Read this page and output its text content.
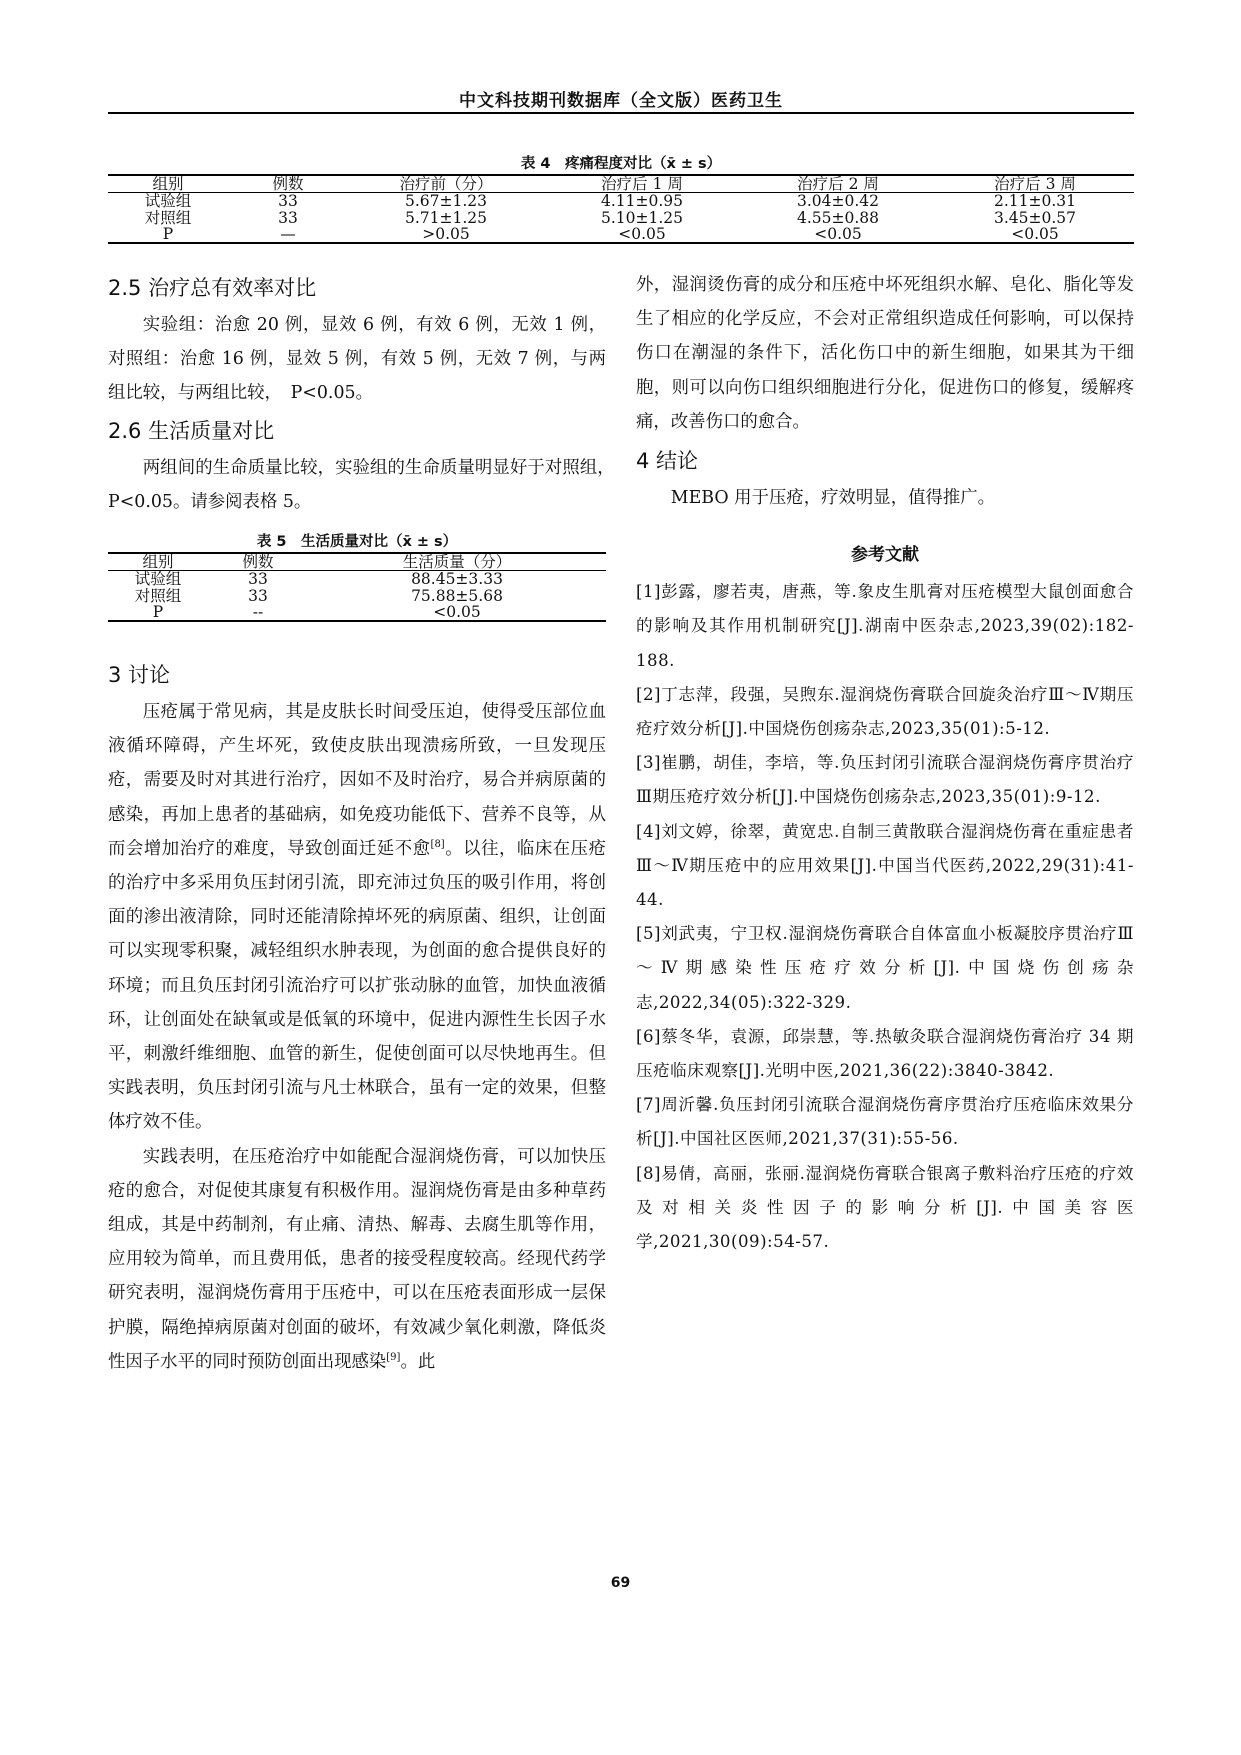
中文科技期刊数据库（全文版）医药卫生
表 4　疼痛程度对比（x̄ ± s）
组别	例数	治疗前（分）	治疗后 1 周	治疗后 2 周	治疗后 3 周
试验组	33	5.67±1.23	4.11±0.95	3.04±0.42	2.11±0.31
对照组	33	5.71±1.25	5.10±1.25	4.55±0.88	3.45±0.57
P	—	>0.05	<0.05	<0.05	<0.05
2.5 治疗总有效率对比

实验组：治愈 20 例，显效 6 例，有效 6 例，无效 1 例，对照组：治愈 16 例，显效 5 例，有效 5 例，无效 7 例，与两组比较，与两组比较，　P<0.05。

2.6 生活质量对比

两组间的生命质量比较，实验组的生命质量明显好于对照组，　P<0.05。请参阅表格 5。

表 5　生活质量对比（x̄ ± s）
组别	例数	生活质量（分）
试验组	33	88.45±3.33
对照组	33	75.88±5.68
P	--	<0.05
3 讨论

压疮属于常见病，其是皮肤长时间受压迫，使得受压部位血液循环障碍，产生坏死，致使皮肤出现溃疡所致，一旦发现压疮，需要及时对其进行治疗，因如不及时治疗，易合并病原菌的感染，再加上患者的基础病，如免疫功能低下、营养不良等，从而会增加治疗的难度，导致创面迁延不愈[8]。以往，临床在压疮的治疗中多采用负压封闭引流，即充沛过负压的吸引作用，将创面的渗出液清除，同时还能清除掉坏死的病原菌、组织，让创面可以实现零积聚，减轻组织水肿表现，为创面的愈合提供良好的环境；而且负压封闭引流治疗可以扩张动脉的血管，加快血液循环，让创面处在缺氧或是低氧的环境中，促进内源性生长因子水平，刺激纤维细胞、血管的新生，促使创面可以尽快地再生。但实践表明，负压封闭引流与凡士林联合，虽有一定的效果，但整体疗效不佳。

实践表明，在压疮治疗中如能配合湿润烧伤膏，可以加快压疮的愈合，对促使其康复有积极作用。湿润烧伤膏是由多种草药组成，其是中药制剂，有止痛、清热、解毒、去腐生肌等作用，应用较为简单，而且费用低，患者的接受程度较高。经现代药学研究表明，湿润烧伤膏用于压疮中，可以在压疮表面形成一层保护膜，隔绝掉病原菌对创面的破坏，有效减少氧化刺激，降低炎性因子水平的同时预防创面出现感染[9]。此

外，湿润烫伤膏的成分和压疮中坏死组织水解、皂化、脂化等发生了相应的化学反应，不会对正常组织造成任何影响，可以保持伤口在潮湿的条件下，活化伤口中的新生细胞，如果其为干细胞，则可以向伤口组织细胞进行分化，促进伤口的修复，缓解疼痛，改善伤口的愈合。

4 结论

MEBO 用于压疮，疗效明显，值得推广。

参考文献

[1]彭露，廖若夷，唐燕，等.象皮生肌膏对压疮模型大鼠创面愈合的影响及其作用机制研究[J].湖南中医杂志,2023,39(02):182-188.

[2]丁志萍，段强，吴煦东.湿润烧伤膏联合回旋灸治疗Ⅲ～Ⅳ期压疮疗效分析[J].中国烧伤创疡杂志,2023,35(01):5-12.

[3]崔鹏，胡佳，李培，等.负压封闭引流联合湿润烧伤膏序贯治疗Ⅲ期压疮疗效分析[J].中国烧伤创疡杂志,2023,35(01):9-12.

[4]刘文婷，徐翠，黄宽忠.自制三黄散联合湿润烧伤膏在重症患者Ⅲ～Ⅳ期压疮中的应用效果[J].中国当代医药,2022,29(31):41-44.

[5]刘武夷，宁卫权.湿润烧伤膏联合自体富血小板凝胶序贯治疗Ⅲ～Ⅳ期感染性压疮疗效分析[J].中国烧伤创疡杂志,2022,34(05):322-329.

[6]蔡冬华，袁源，邱崇慧，等.热敏灸联合湿润烧伤膏治疗 34 期压疮临床观察[J].光明中医,2021,36(22):3840-3842.

[7]周沂馨.负压封闭引流联合湿润烧伤膏序贯治疗压疮临床效果分析[J].中国社区医师,2021,37(31):55-56.

[8]易倩，高丽，张丽.湿润烧伤膏联合银离子敷料治疗压疮的疗效及对相关炎性因子的影响分析[J].中国美容医学,2021,30(09):54-57.

69
